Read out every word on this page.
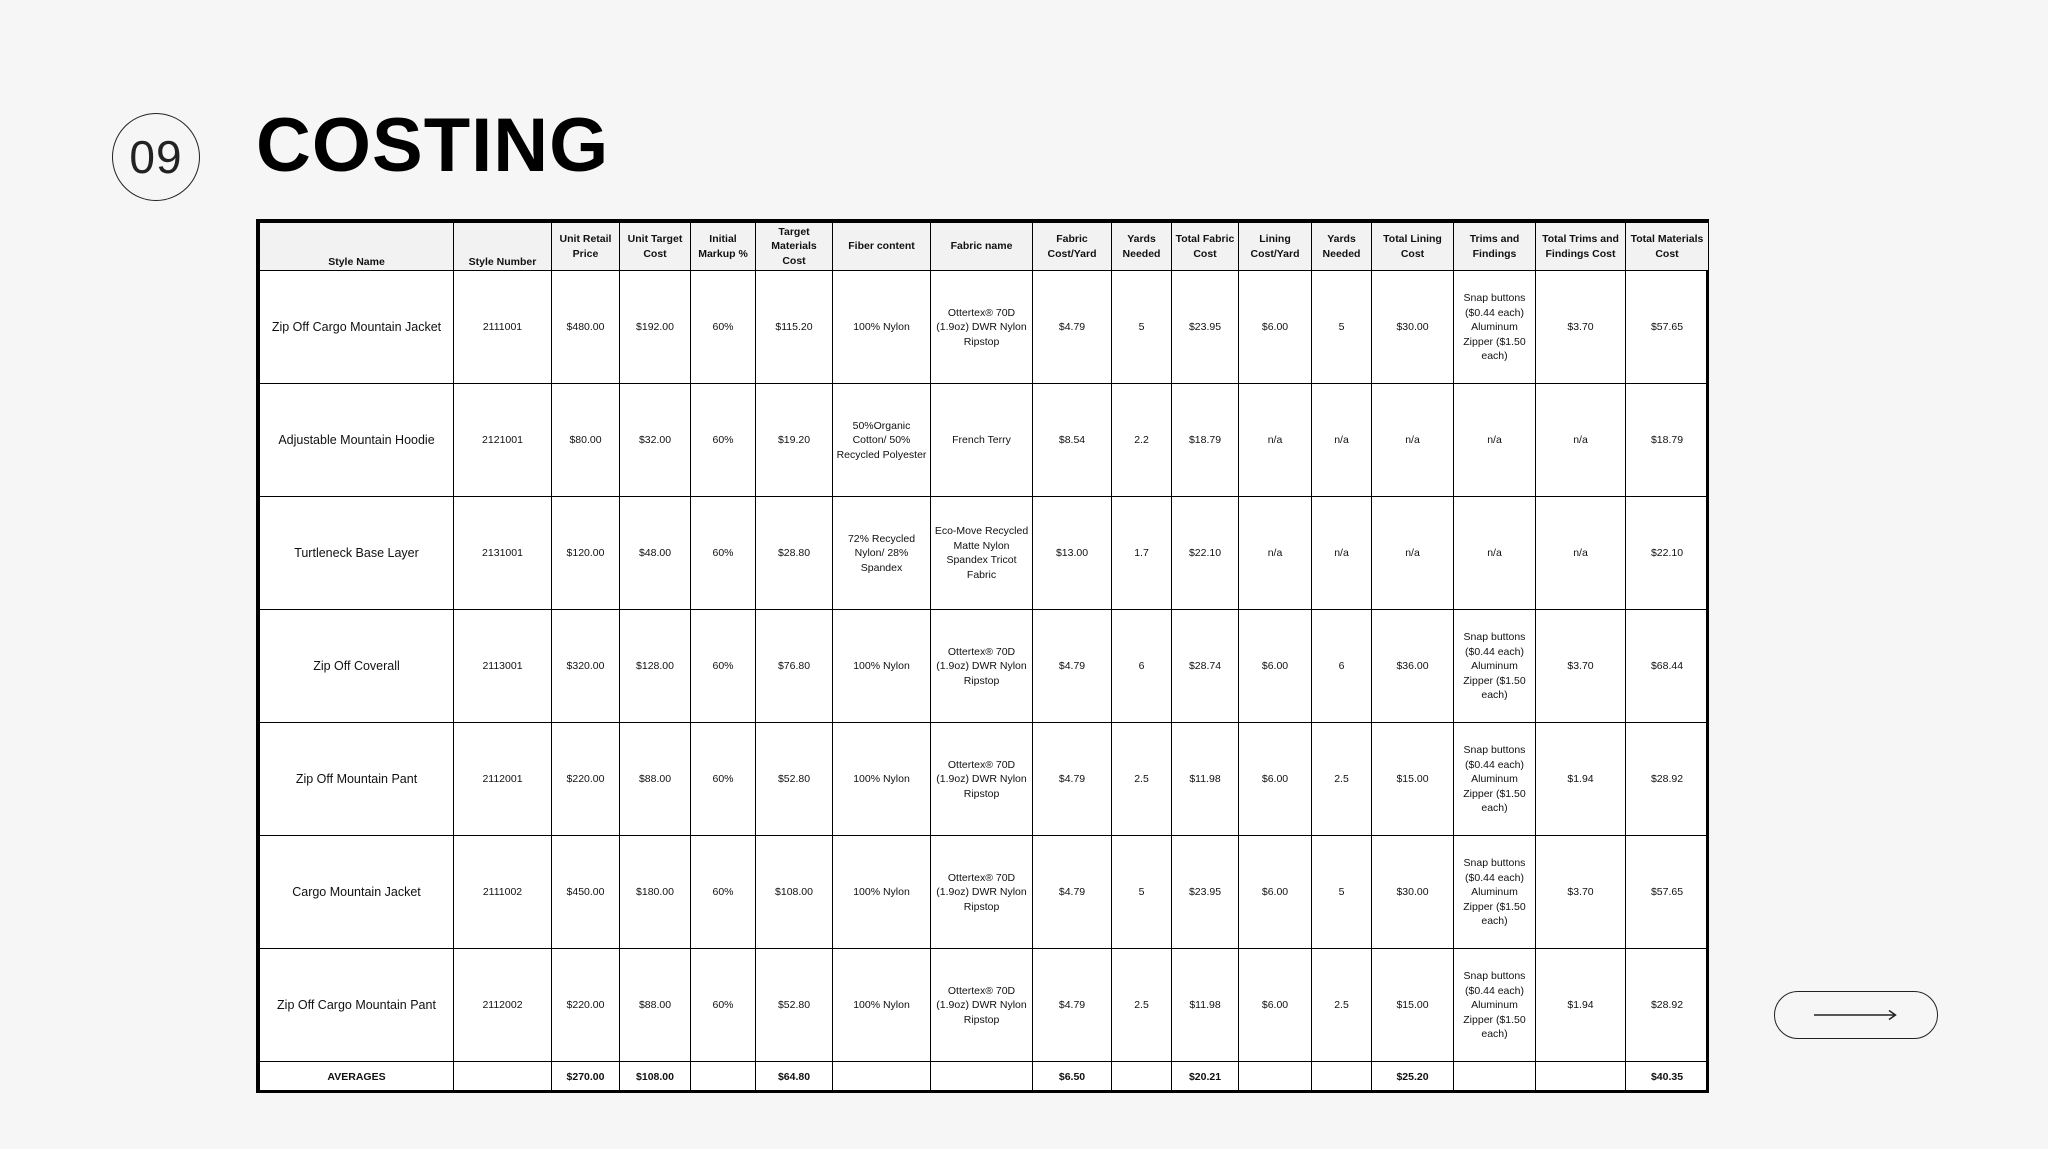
09 COSTING
Style Name	Style Number	Unit Retail Price	Unit Target Cost	Initial Markup %	Target Materials Cost	Fiber content	Fabric name	Fabric Cost/Yard	Yards Needed	Total Fabric Cost	Lining Cost/Yard	Yards Needed	Total Lining Cost	Trims and Findings	Total Trims and Findings Cost	Total Materials Cost
Zip Off Cargo Mountain Jacket	2111001	$480.00	$192.00	60%	$115.20	100% Nylon	Ottertex® 70D (1.9oz) DWR Nylon Ripstop	$4.79	5	$23.95	$6.00	5	$30.00	Snap buttons ($0.44 each) Aluminum Zipper ($1.50 each)	$3.70	$57.65
Adjustable Mountain Hoodie	2121001	$80.00	$32.00	60%	$19.20	50%Organic Cotton/ 50% Recycled Polyester	French Terry	$8.54	2.2	$18.79	n/a	n/a	n/a	n/a	n/a	$18.79
Turtleneck Base Layer	2131001	$120.00	$48.00	60%	$28.80	72% Recycled Nylon/ 28% Spandex	Eco-Move Recycled Matte Nylon Spandex Tricot Fabric	$13.00	1.7	$22.10	n/a	n/a	n/a	n/a	n/a	$22.10
Zip Off Coverall	2113001	$320.00	$128.00	60%	$76.80	100% Nylon	Ottertex® 70D (1.9oz) DWR Nylon Ripstop	$4.79	6	$28.74	$6.00	6	$36.00	Snap buttons ($0.44 each) Aluminum Zipper ($1.50 each)	$3.70	$68.44
Zip Off Mountain Pant	2112001	$220.00	$88.00	60%	$52.80	100% Nylon	Ottertex® 70D (1.9oz) DWR Nylon Ripstop	$4.79	2.5	$11.98	$6.00	2.5	$15.00	Snap buttons ($0.44 each) Aluminum Zipper ($1.50 each)	$1.94	$28.92
Cargo Mountain Jacket	2111002	$450.00	$180.00	60%	$108.00	100% Nylon	Ottertex® 70D (1.9oz) DWR Nylon Ripstop	$4.79	5	$23.95	$6.00	5	$30.00	Snap buttons ($0.44 each) Aluminum Zipper ($1.50 each)	$3.70	$57.65
Zip Off Cargo Mountain Pant	2112002	$220.00	$88.00	60%	$52.80	100% Nylon	Ottertex® 70D (1.9oz) DWR Nylon Ripstop	$4.79	2.5	$11.98	$6.00	2.5	$15.00	Snap buttons ($0.44 each) Aluminum Zipper ($1.50 each)	$1.94	$28.92
AVERAGES		$270.00	$108.00		$64.80			$6.50		$20.21			$25.20			$40.35
